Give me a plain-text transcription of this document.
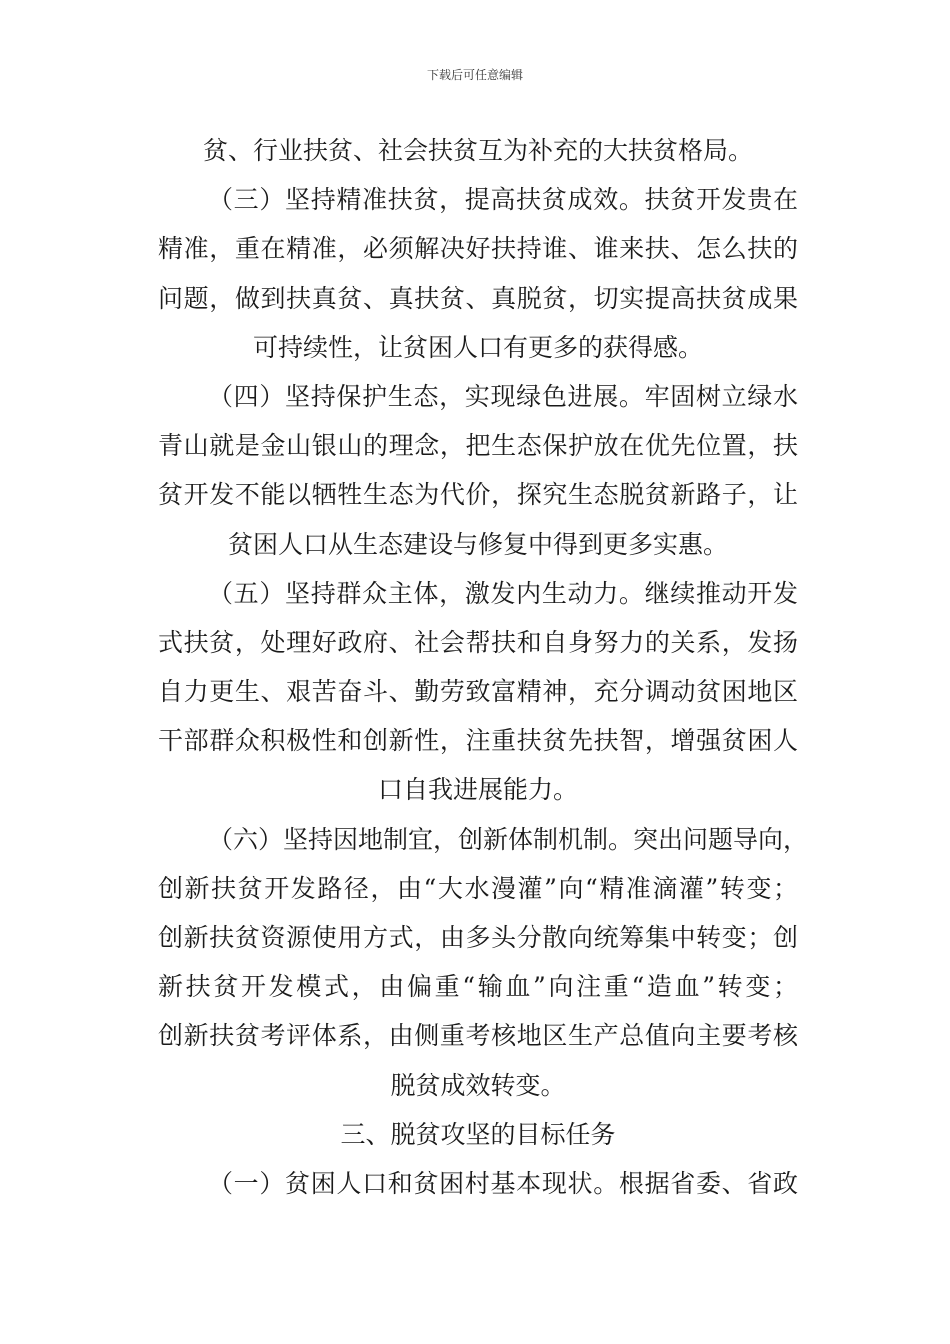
下载后可任意编辑
贫、行业扶贫、社会扶贫互为补充的大扶贫格局。
（三）坚持精准扶贫，提高扶贫成效。扶贫开发贵在
精准，重在精准，必须解决好扶持谁、谁来扶、怎么扶的
问题，做到扶真贫、真扶贫、真脱贫，切实提高扶贫成果
可持续性，让贫困人口有更多的获得感。
（四）坚持保护生态，实现绿色进展。牢固树立绿水
青山就是金山银山的理念，把生态保护放在优先位置，扶
贫开发不能以牺牲生态为代价，探究生态脱贫新路子，让
贫困人口从生态建设与修复中得到更多实惠。
（五）坚持群众主体，激发内生动力。继续推动开发
式扶贫，处理好政府、社会帮扶和自身努力的关系，发扬
自力更生、艰苦奋斗、勤劳致富精神，充分调动贫困地区
干部群众积极性和创新性，注重扶贫先扶智，增强贫困人
口自我进展能力。
（六）坚持因地制宜，创新体制机制。突出问题导向，
创新扶贫开发路径，由“大水漫灌”向“精准滴灌”转变；
创新扶贫资源使用方式，由多头分散向统筹集中转变；创
新扶贫开发模式，由偏重“输血”向注重“造血”转变；
创新扶贫考评体系，由侧重考核地区生产总值向主要考核
脱贫成效转变。
三、脱贫攻坚的目标任务
（一）贫困人口和贫困村基本现状。根据省委、省政
